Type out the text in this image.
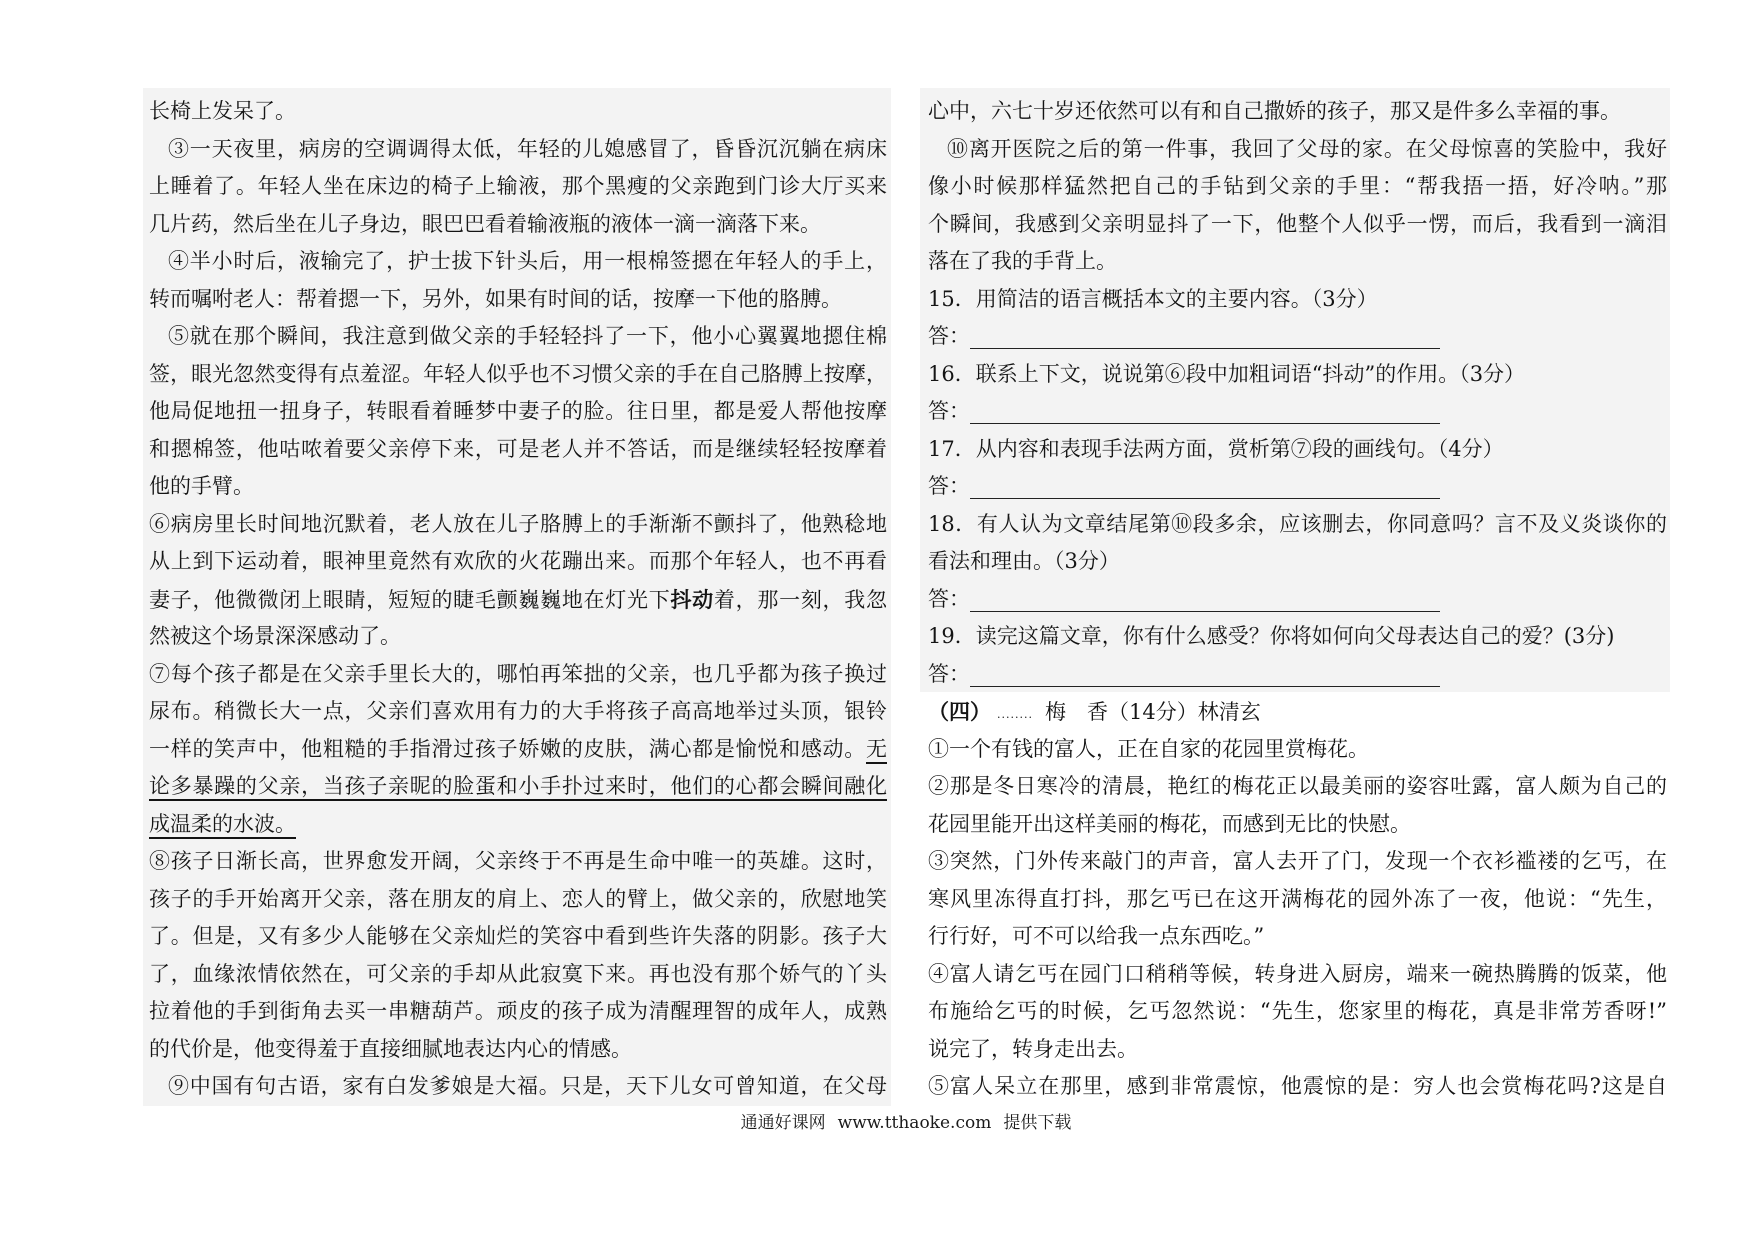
长椅上发呆了。
③一天夜里，病房的空调调得太低，年轻的儿媳感冒了，昏昏沉沉躺在病床
上睡着了。年轻人坐在床边的椅子上输液，那个黑瘦的父亲跑到门诊大厅买来
几片药，然后坐在儿子身边，眼巴巴看着输液瓶的液体一滴一滴落下来。
④半小时后，液输完了，护士拔下针头后，用一根棉签摁在年轻人的手上，
转而嘱咐老人：帮着摁一下，另外，如果有时间的话，按摩一下他的胳膊。
⑤就在那个瞬间，我注意到做父亲的手轻轻抖了一下，他小心翼翼地摁住棉
签，眼光忽然变得有点羞涩。年轻人似乎也不习惯父亲的手在自己胳膊上按摩，
他局促地扭一扭身子，转眼看着睡梦中妻子的脸。往日里，都是爱人帮他按摩
和摁棉签，他咕哝着要父亲停下来，可是老人并不答话，而是继续轻轻按摩着
他的手臂。
⑥病房里长时间地沉默着，老人放在儿子胳膊上的手渐渐不颤抖了，他熟稔地
从上到下运动着，眼神里竟然有欢欣的火花蹦出来。而那个年轻人，也不再看
妻子，他微微闭上眼睛，短短的睫毛颤巍巍地在灯光下抖动着，那一刻，我忽
然被这个场景深深感动了。
⑦每个孩子都是在父亲手里长大的，哪怕再笨拙的父亲，也几乎都为孩子换过
尿布。稍微长大一点，父亲们喜欢用有力的大手将孩子高高地举过头顶，银铃
一样的笑声中，他粗糙的手指滑过孩子娇嫩的皮肤，满心都是愉悦和感动。无
论多暴躁的父亲，当孩子亲昵的脸蛋和小手扑过来时，他们的心都会瞬间融化
成温柔的水波。
⑧孩子日渐长高，世界愈发开阔，父亲终于不再是生命中唯一的英雄。这时，
孩子的手开始离开父亲，落在朋友的肩上、恋人的臂上，做父亲的，欣慰地笑
了。但是，又有多少人能够在父亲灿烂的笑容中看到些许失落的阴影。孩子大
了，血缘浓情依然在，可父亲的手却从此寂寞下来。再也没有那个娇气的丫头
拉着他的手到街角去买一串糖葫芦。顽皮的孩子成为清醒理智的成年人，成熟
的代价是，他变得羞于直接细腻地表达内心的情感。
⑨中国有句古语，家有白发爹娘是大福。只是，天下儿女可曾知道，在父母
心中，六七十岁还依然可以有和自己撒娇的孩子，那又是件多么幸福的事。
⑩离开医院之后的第一件事，我回了父母的家。在父母惊喜的笑脸中，我好
像小时候那样猛然把自己的手钻到父亲的手里：“帮我捂一捂，好冷呐。”那
个瞬间，我感到父亲明显抖了一下，他整个人似乎一愣，而后，我看到一滴泪
落在了我的手背上。
15．用简洁的语言概括本文的主要内容。（3分）
答：
16．联系上下文，说说第⑥段中加粗词语“抖动”的作用。（3分）
答：
17．从内容和表现手法两方面，赏析第⑦段的画线句。（4分）
答：
18．有人认为文章结尾第⑩段多余，应该删去，你同意吗？言不及义炎谈你的
看法和理由。（3分）
答：
19．读完这篇文章，你有什么感受？你将如何向父母表达自己的爱？(3分)
答：
（四） ........ 梅　香（14分）林清玄
①一个有钱的富人，正在自家的花园里赏梅花。
②那是冬日寒冷的清晨，艳红的梅花正以最美丽的姿容吐露，富人颇为自己的
花园里能开出这样美丽的梅花，而感到无比的快慰。
③突然，门外传来敲门的声音，富人去开了门，发现一个衣衫褴褛的乞丐，在
寒风里冻得直打抖，那乞丐已在这开满梅花的园外冻了一夜，他说：“先生，
行行好，可不可以给我一点东西吃。”
④富人请乞丐在园门口稍稍等候，转身进入厨房，端来一碗热腾腾的饭菜，他
布施给乞丐的时候，乞丐忽然说：“先生，您家里的梅花，真是非常芳香呀!”
说完了，转身走出去。
⑤富人呆立在那里，感到非常震惊，他震惊的是：穷人也会赏梅花吗?这是自
通通好课网 www.tthaoke.com 提供下载
